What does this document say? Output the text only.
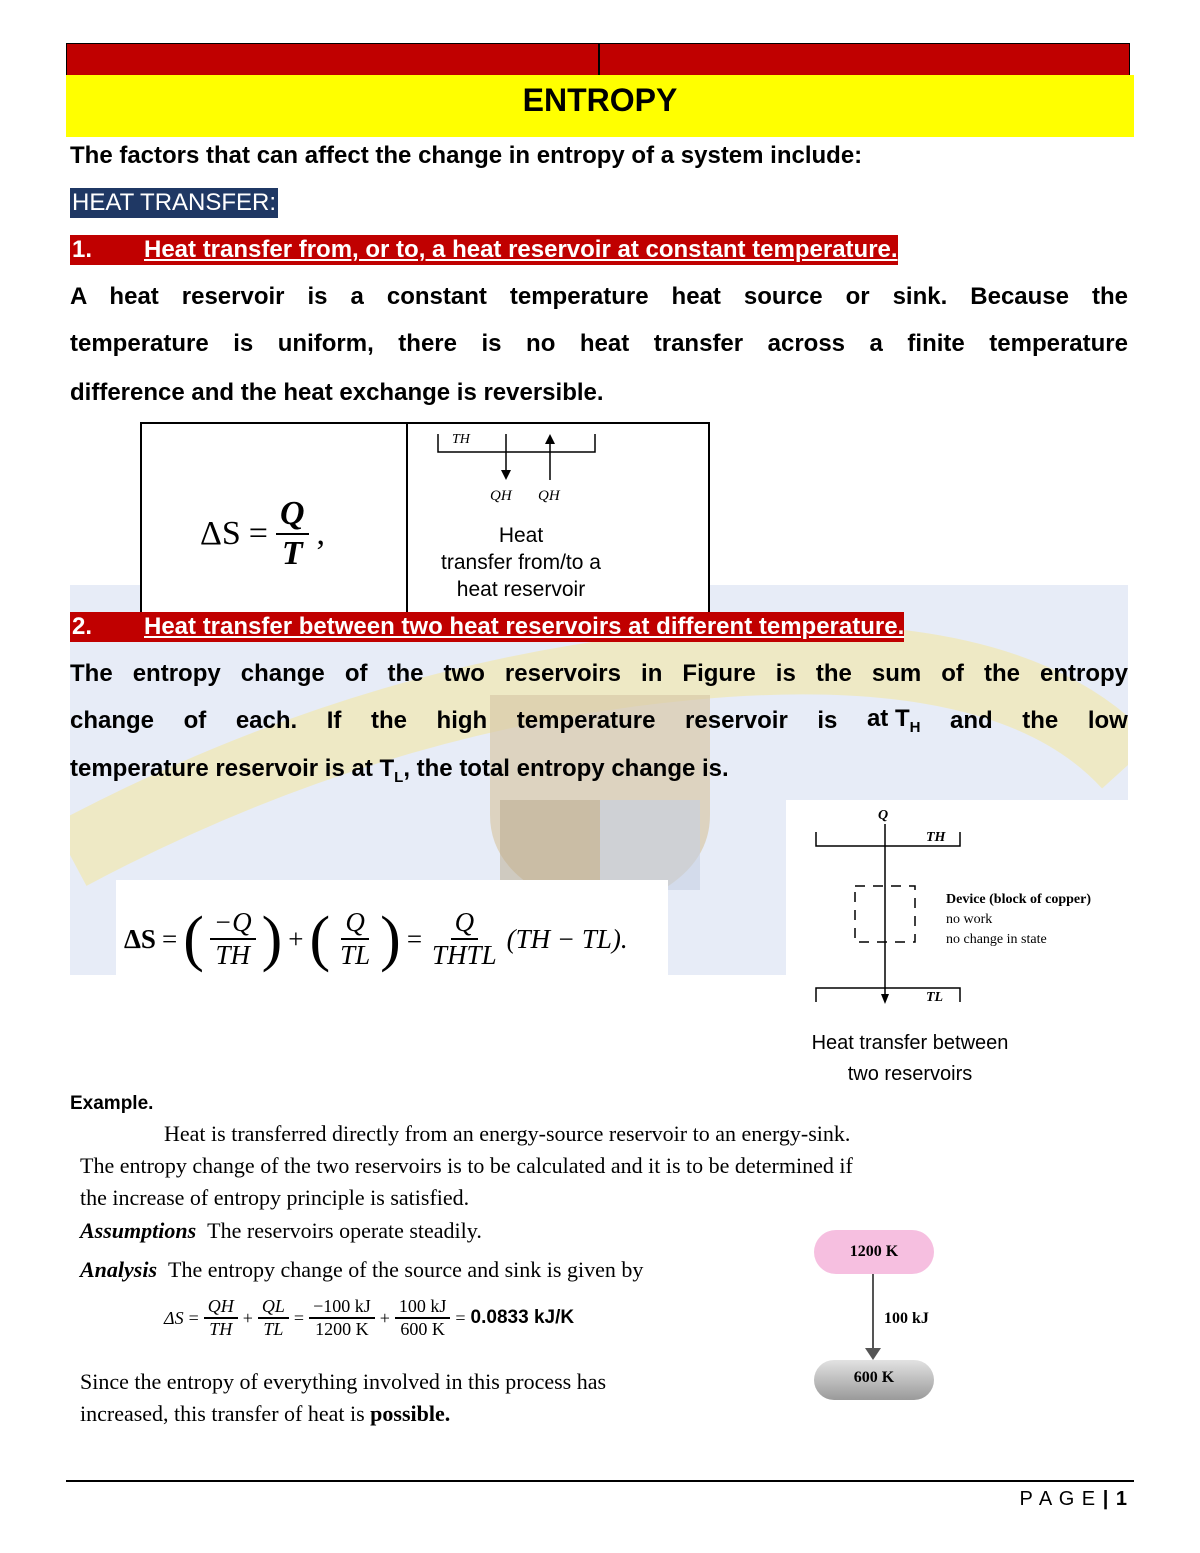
PHYSICS	PET-2023
ENTROPY
The factors that can affect the change in entropy of a system include:
HEAT TRANSFER:
1. Heat transfer from, or to, a heat reservoir at constant temperature.
A heat reservoir is a constant temperature heat source or sink. Because the
temperature is uniform, there is no heat transfer across a finite temperature
difference and the heat exchange is reversible.
$\Delta S = \frac{Q}{T}$ ,
TH
QH QH
Heat
transfer from/to a
heat reservoir
2. Heat transfer between two heat reservoirs at different temperature.
The entropy change of the two reservoirs in Figure is the sum of the entropy
change of each. If the high temperature reservoir is at $T_H$ and the low
temperature reservoir is at $T_L$, the total entropy change is.
ΔS = ( $\frac{-Q}{TH}$ ) + ( $\frac{Q}{TL}$ ) = $\frac{Q}{\text{THTL}} (TH - TL)$.
Q
TH
TL
Device (block of copper)
no work
no change in state
Heat transfer between
two reservoirs
Example.
Heat is transferred directly from an energy-source reservoir to an energy-sink.
The entropy change of the two reservoirs is to be calculated and it is to be determined if
the increase of entropy principle is satisfied.
Assumptions The reservoirs operate steadily.
Analysis The entropy change of the source and sink is given by
$\Delta S = \frac{QH}{TH} + \frac{QL}{TL} = \frac{-100 kJ}{1200 K} + \frac{100 kJ}{600 K} = 0.0833$ kJ/K
Since the entropy of everything involved in this process has
increased, this transfer of heat is possible.
1200 K
100 kJ
600 K
P A G E | 1
